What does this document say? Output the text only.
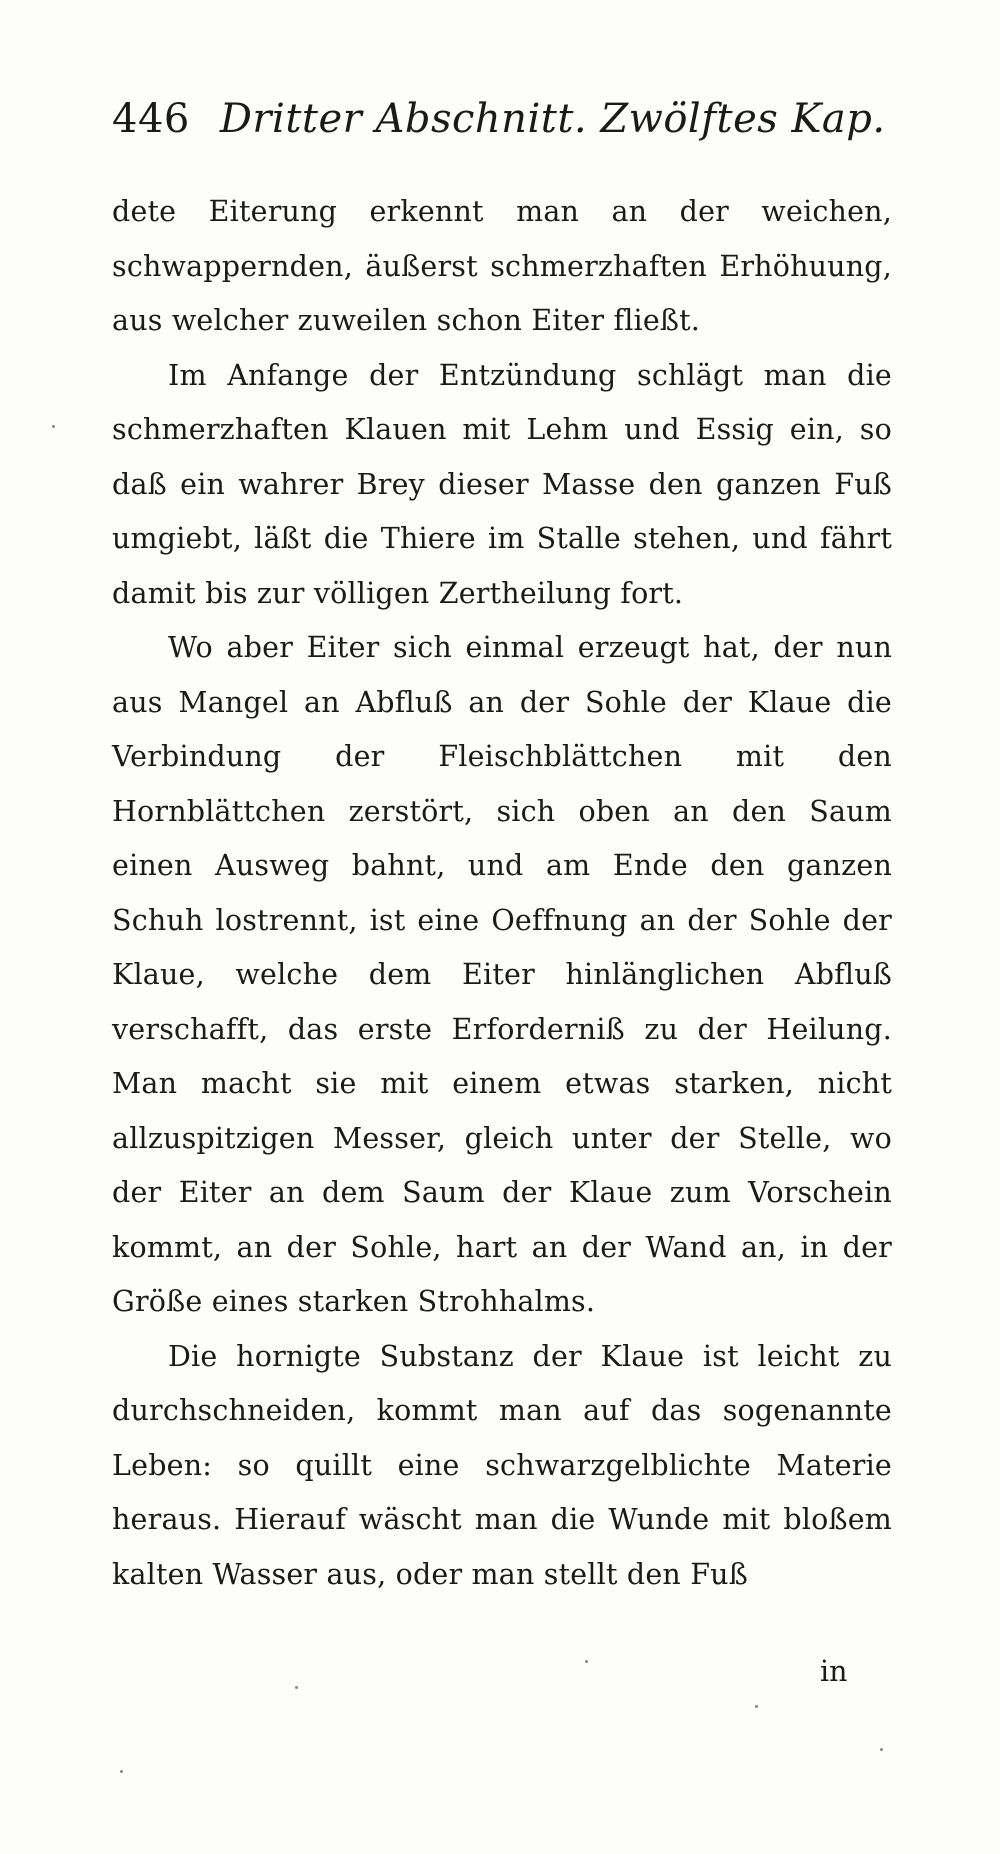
446 Dritter Abschnitt. Zwölftes Kap.

dete Eiterung erkennt man an der weichen, schwappernden, äußerst schmerzhaften Erhöhuung, aus welcher zuweilen schon Eiter fließt.

Im Anfange der Entzündung schlägt man die schmerzhaften Klauen mit Lehm und Essig ein, so daß ein wahrer Brey dieser Masse den ganzen Fuß umgiebt, läßt die Thiere im Stalle stehen, und fährt damit bis zur völligen Zertheilung fort.

Wo aber Eiter sich einmal erzeugt hat, der nun aus Mangel an Abfluß an der Sohle der Klaue die Verbindung der Fleischblättchen mit den Hornblättchen zerstört, sich oben an den Saum einen Ausweg bahnt, und am Ende den ganzen Schuh lostrennt, ist eine Oeffnung an der Sohle der Klaue, welche dem Eiter hinlänglichen Abfluß verschafft, das erste Erforderniß zu der Heilung. Man macht sie mit einem etwas starken, nicht allzuspitzigen Messer, gleich unter der Stelle, wo der Eiter an dem Saum der Klaue zum Vorschein kommt, an der Sohle, hart an der Wand an, in der Größe eines starken Strohhalms.

Die hornigte Substanz der Klaue ist leicht zu durchschneiden, kommt man auf das sogenannte Leben: so quillt eine schwarzgelblichte Materie heraus. Hierauf wäscht man die Wunde mit bloßem kalten Wasser aus, oder man stellt den Fuß

in
